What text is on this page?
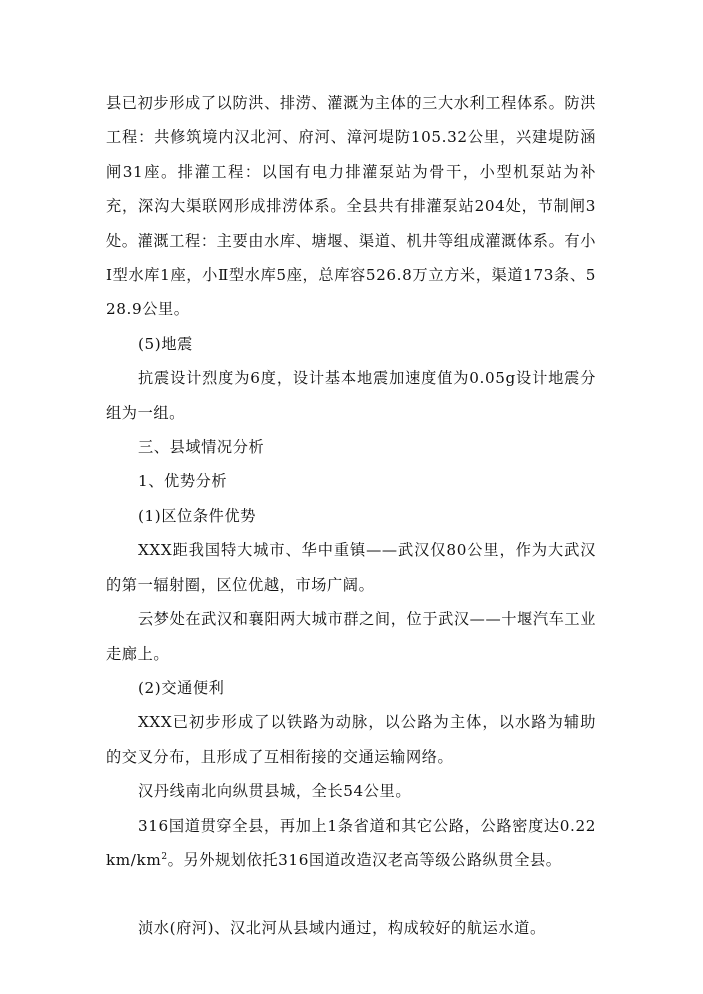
县已初步形成了以防洪、排涝、灌溉为主体的三大水利工程体系。防洪工程：共修筑境内汉北河、府河、漳河堤防105.32公里，兴建堤防涵闸31座。排灌工程：以国有电力排灌泵站为骨干，小型机泵站为补充，深沟大渠联网形成排涝体系。全县共有排灌泵站204处，节制闸3处。灌溉工程：主要由水库、塘堰、渠道、机井等组成灌溉体系。有小Ⅰ型水库1座，小Ⅱ型水库5座，总库容526.8万立方米，渠道173条、528.9公里。

(5)地震

抗震设计烈度为6度，设计基本地震加速度值为0.05g设计地震分组为一组。

三、县域情况分析

1、优势分析

(1)区位条件优势

XXX距我国特大城市、华中重镇——武汉仅80公里，作为大武汉的第一辐射圈，区位优越，市场广阔。

云梦处在武汉和襄阳两大城市群之间，位于武汉——十堰汽车工业走廊上。

(2)交通便利

XXX已初步形成了以铁路为动脉，以公路为主体，以水路为辅助的交叉分布，且形成了互相衔接的交通运输网络。

汉丹线南北向纵贯县城，全长54公里。

316国道贯穿全县，再加上1条省道和其它公路，公路密度达$0.22km/km^2$。另外规划依托316国道改造汉老高等级公路纵贯全县。

浈水(府河)、汉北河从县域内通过，构成较好的航运水道。
